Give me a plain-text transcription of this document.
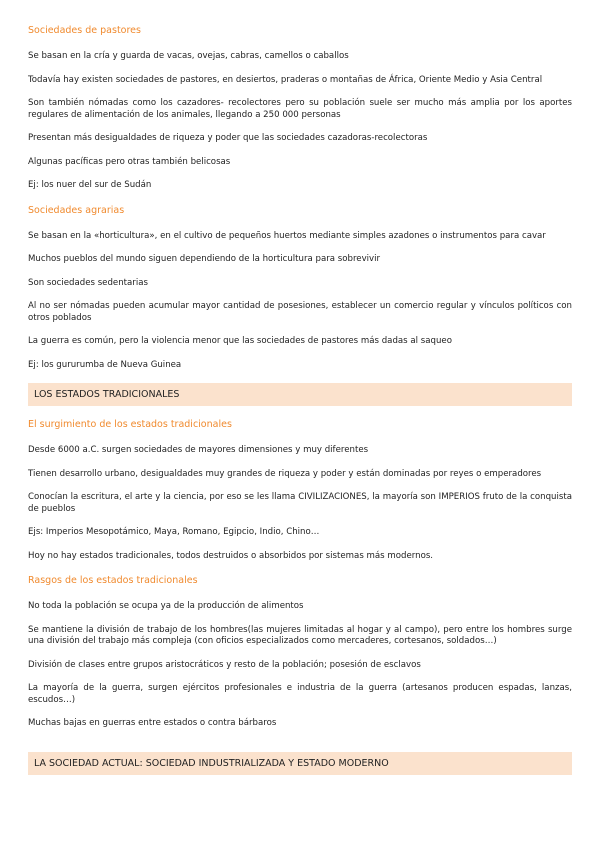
Sociedades de pastores

Se basan en la cría y guarda de vacas, ovejas, cabras, camellos o caballos

Todavía hay existen sociedades de pastores, en desiertos, praderas o montañas de África, Oriente Medio y Asia Central

Son también nómadas como los cazadores- recolectores pero su población suele ser mucho más amplia por los aportes regulares de alimentación de los animales, llegando a 250 000 personas

Presentan más desigualdades de riqueza y poder que las sociedades cazadoras-recolectoras

Algunas pacíficas pero otras también belicosas

Ej: los nuer del sur de Sudán

Sociedades agrarias

Se basan en la «horticultura», en el cultivo de pequeños huertos mediante simples azadones o instrumentos para cavar

Muchos pueblos del mundo siguen dependiendo de la horticultura para sobrevivir

Son sociedades sedentarias

Al no ser nómadas pueden acumular mayor cantidad de posesiones, establecer un comercio regular y vínculos políticos con otros poblados

La guerra es común, pero la violencia menor que las sociedades de pastores más dadas al saqueo

Ej: los gururumba de Nueva Guinea

LOS ESTADOS TRADICIONALES
El surgimiento de los estados tradicionales

Desde 6000 a.C. surgen sociedades de mayores dimensiones y muy diferentes

Tienen desarrollo urbano, desigualdades muy grandes de riqueza y poder y están dominadas por reyes o emperadores

Conocían la escritura, el arte y la ciencia, por eso se les llama CIVILIZACIONES, la mayoría son IMPERIOS fruto de la conquista de pueblos

Ejs: Imperios Mesopotámico, Maya, Romano, Egipcio, Indio, Chino…

Hoy no hay estados tradicionales, todos destruidos o absorbidos por sistemas más modernos.

Rasgos de los estados tradicionales

No toda la población se ocupa ya de la producción de alimentos

Se mantiene la división de trabajo de los hombres(las mujeres limitadas al hogar y al campo), pero entre los hombres surge una división del trabajo más compleja (con oficios especializados como mercaderes, cortesanos, soldados…)

División de clases entre grupos aristocráticos y resto de la población; posesión de esclavos

La mayoría de la guerra, surgen ejércitos profesionales e industria de la guerra (artesanos producen espadas, lanzas, escudos…)

Muchas bajas en guerras entre estados o contra bárbaros

LA SOCIEDAD ACTUAL: SOCIEDAD INDUSTRIALIZADA Y ESTADO MODERNO
